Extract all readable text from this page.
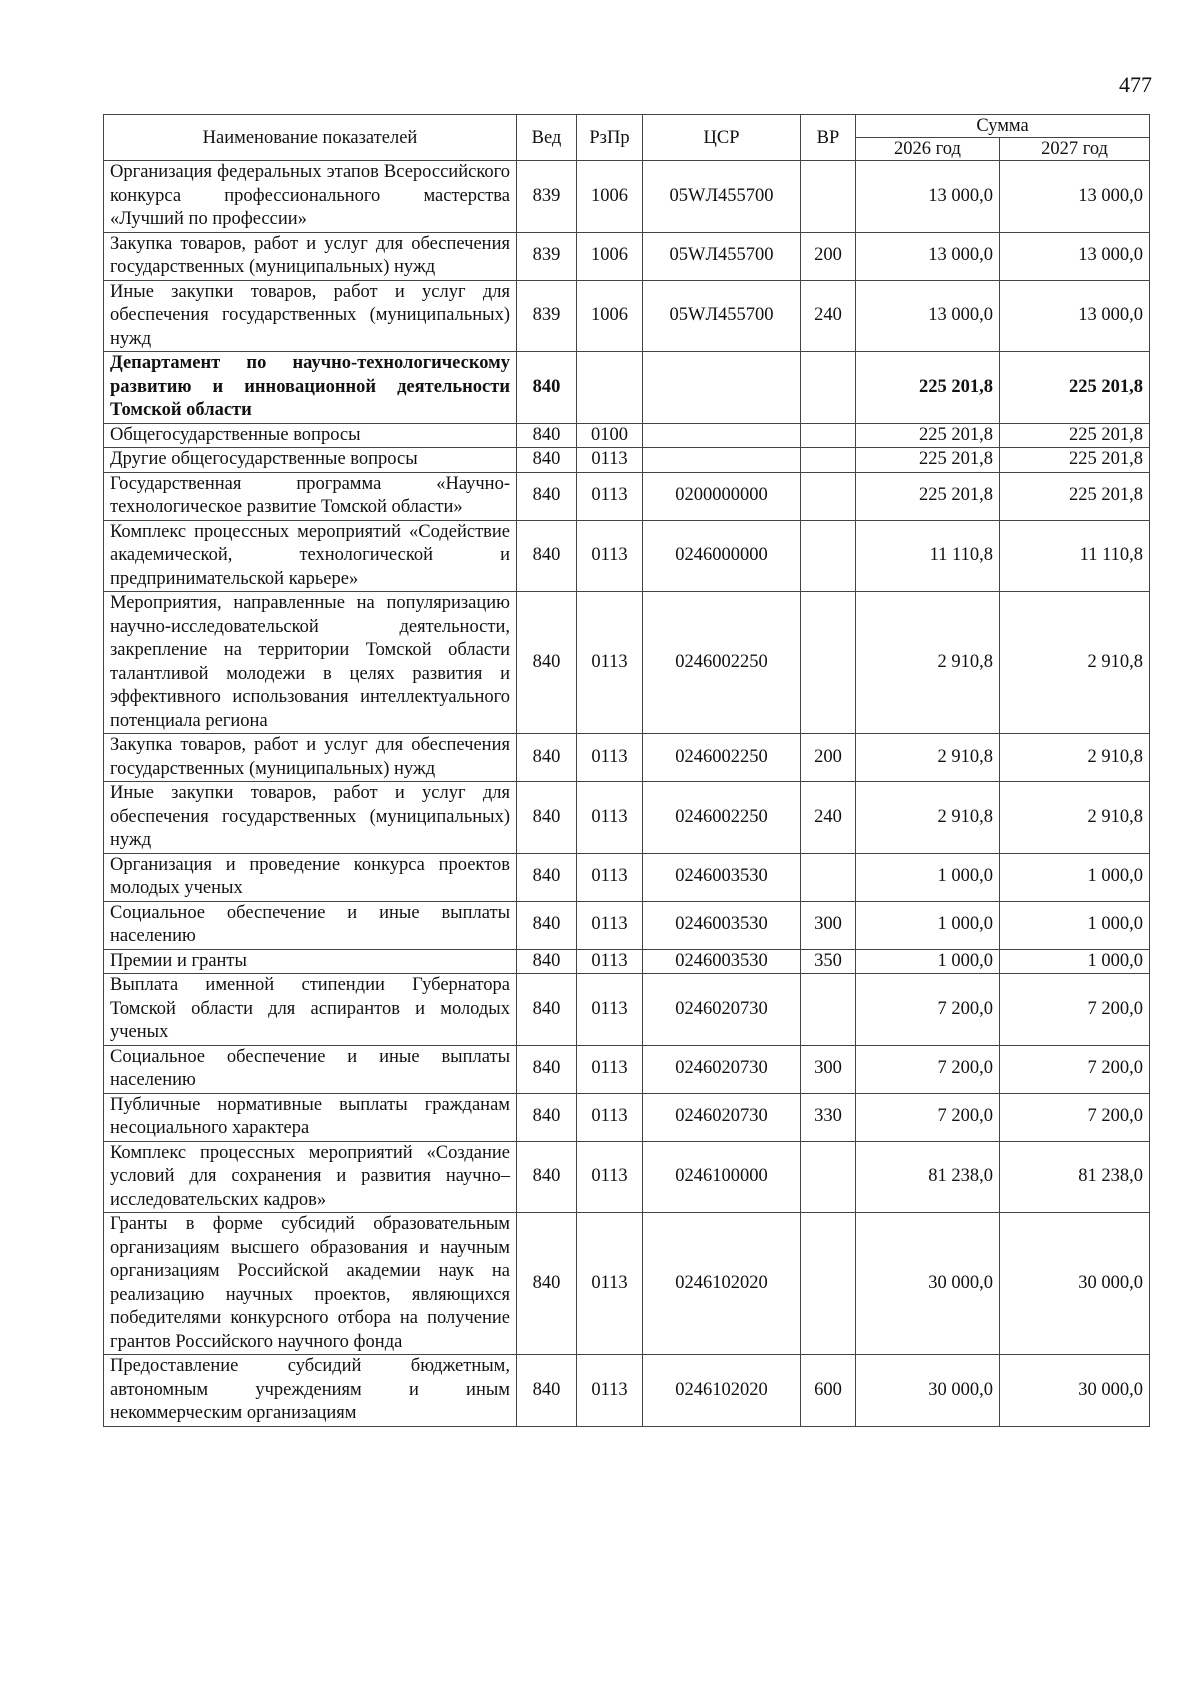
477
Наименование показателей	Вед	РзПр	ЦСР	ВР	Сумма	
					2026 год	2027 год
Организация федеральных этапов Всероссийского конкурса профессионального мастерства «Лучший по профессии»	839	1006	05WЛ455700		13 000,0	13 000,0
Закупка товаров, работ и услуг для обеспечения государственных (муниципальных) нужд	839	1006	05WЛ455700	200	13 000,0	13 000,0
Иные закупки товаров, работ и услуг для обеспечения государственных (муниципальных) нужд	839	1006	05WЛ455700	240	13 000,0	13 000,0
Департамент по научно-технологическому развитию и инновационной деятельности Томской области	840				225 201,8	225 201,8
Общегосударственные вопросы	840	0100			225 201,8	225 201,8
Другие общегосударственные вопросы	840	0113			225 201,8	225 201,8
Государственная программа «Научно-технологическое развитие Томской области»	840	0113	0200000000		225 201,8	225 201,8
Комплекс процессных мероприятий «Содействие академической, технологической и предпринимательской карьере»	840	0113	0246000000		11 110,8	11 110,8
Мероприятия, направленные на популяризацию научно-исследовательской деятельности, закрепление на территории Томской области талантливой молодежи в целях развития и эффективного использования интеллектуального потенциала региона	840	0113	0246002250		2 910,8	2 910,8
Закупка товаров, работ и услуг для обеспечения государственных (муниципальных) нужд	840	0113	0246002250	200	2 910,8	2 910,8
Иные закупки товаров, работ и услуг для обеспечения государственных (муниципальных) нужд	840	0113	0246002250	240	2 910,8	2 910,8
Организация и проведение конкурса проектов молодых ученых	840	0113	0246003530		1 000,0	1 000,0
Социальное обеспечение и иные выплаты населению	840	0113	0246003530	300	1 000,0	1 000,0
Премии и гранты	840	0113	0246003530	350	1 000,0	1 000,0
Выплата именной стипендии Губернатора Томской области для аспирантов и молодых ученых	840	0113	0246020730		7 200,0	7 200,0
Социальное обеспечение и иные выплаты населению	840	0113	0246020730	300	7 200,0	7 200,0
Публичные нормативные выплаты гражданам несоциального характера	840	0113	0246020730	330	7 200,0	7 200,0
Комплекс процессных мероприятий «Создание условий для сохранения и развития научно–исследовательских кадров»	840	0113	0246100000		81 238,0	81 238,0
Гранты в форме субсидий образовательным организациям высшего образования и научным организациям Российской академии наук на реализацию научных проектов, являющихся победителями конкурсного отбора на получение грантов Российского научного фонда	840	0113	0246102020		30 000,0	30 000,0
Предоставление субсидий бюджетным, автономным учреждениям и иным некоммерческим организациям	840	0113	0246102020	600	30 000,0	30 000,0
